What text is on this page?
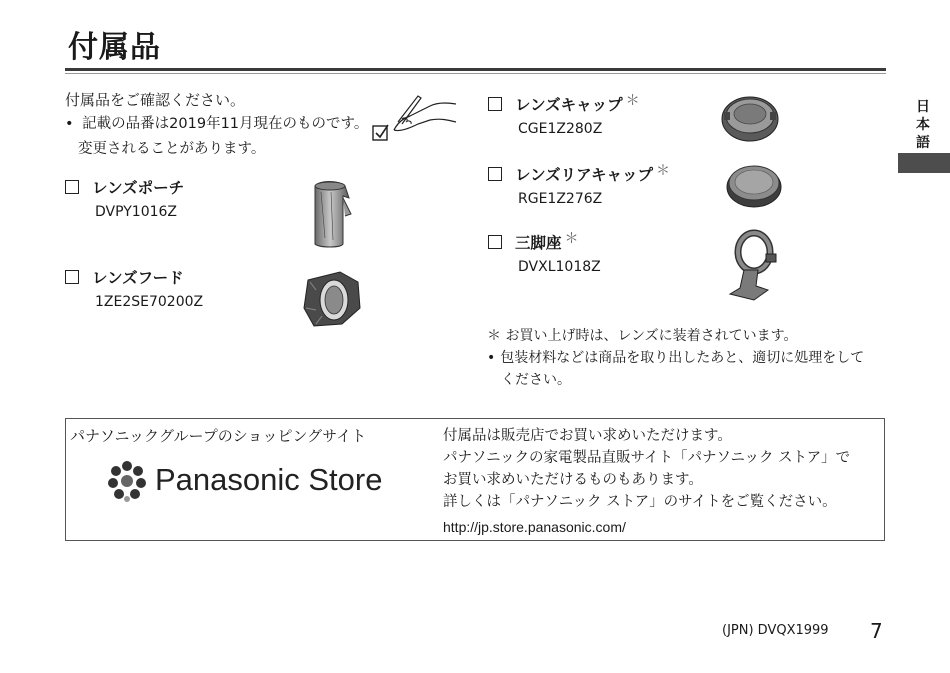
付属品
日
本
語
付属品をご確認ください。
• 記載の品番は2019年11月現在のものです。
変更されることがあります。
レンズポーチ
DVPY1016Z
レンズフード
1ZE2SE70200Z
レンズキャップ ＊
CGE1Z280Z
レンズリアキャップ ＊
RGE1Z276Z
三脚座 ＊
DVXL1018Z
＊ お買い上げ時は、レンズに装着されています。
• 包装材料などは商品を取り出したあと、適切に処理をして
ください。
パナソニックグループのショッピングサイト
Panasonic Store
付属品は販売店でお買い求めいただけます。
パナソニックの家電製品直販サイト「パナソニック ストア」で
お買い求めいただけるものもあります。
詳しくは「パナソニック ストア」のサイトをご覧ください。
http://jp.store.panasonic.com/
(JPN) DVQX1999 7
